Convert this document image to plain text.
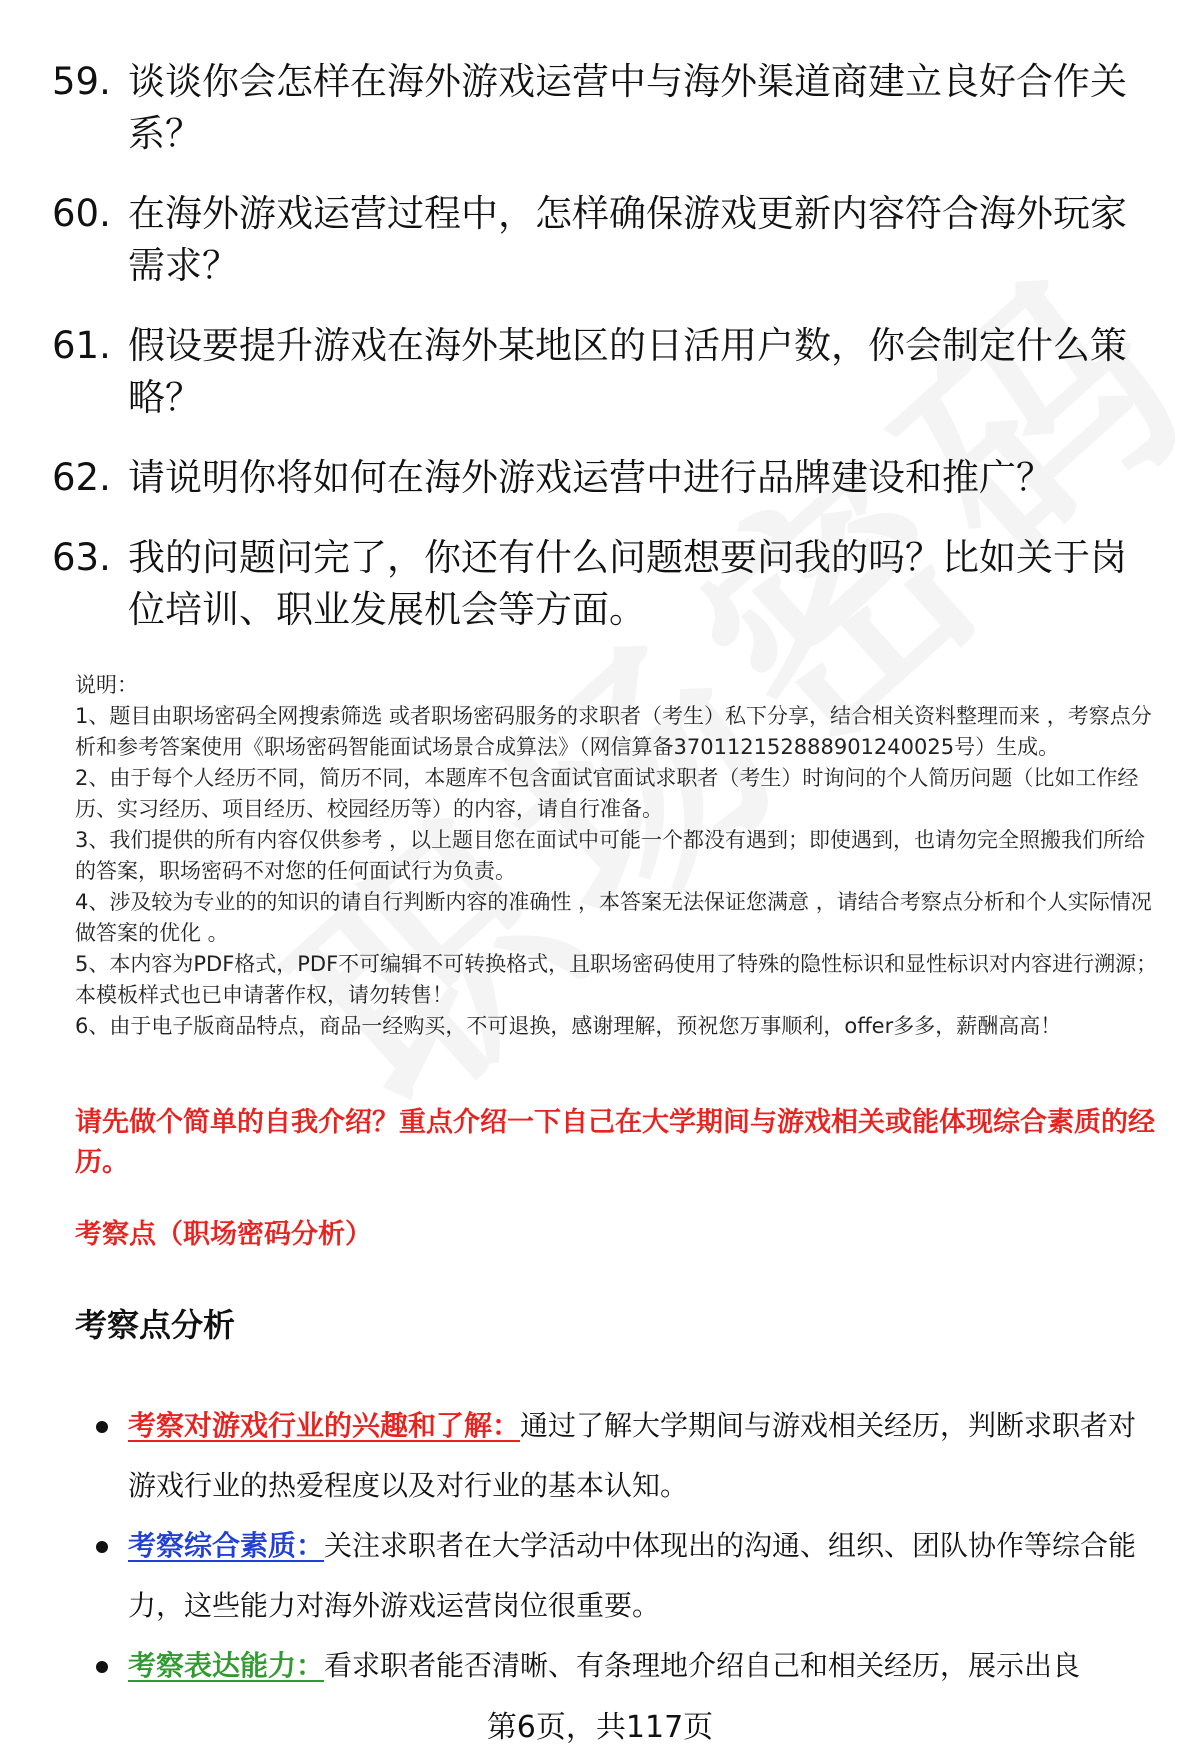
59. 谈谈你会怎样在海外游戏运营中与海外渠道商建立良好合作关系？
60. 在海外游戏运营过程中，怎样确保游戏更新内容符合海外玩家需求？
61. 假设要提升游戏在海外某地区的日活用户数，你会制定什么策略？
62. 请说明你将如何在海外游戏运营中进行品牌建设和推广？
63. 我的问题问完了，你还有什么问题想要问我的吗？比如关于岗位培训、职业发展机会等方面。
说明：
1、题目由职场密码全网搜索筛选 或者职场密码服务的求职者（考生）私下分享，结合相关资料整理而来 ，考察点分析和参考答案使用《职场密码智能面试场景合成算法》（网信算备370112152888901240025号）生成。
2、由于每个人经历不同，简历不同，本题库不包含面试官面试求职者（考生）时询问的个人简历问题（比如工作经历、实习经历、项目经历、校园经历等）的内容，请自行准备。
3、我们提供的所有内容仅供参考 ，以上题目您在面试中可能一个都没有遇到；即使遇到，也请勿完全照搬我们所给的答案，职场密码不对您的任何面试行为负责。
4、涉及较为专业的的知识的请自行判断内容的准确性 ，本答案无法保证您满意 ，请结合考察点分析和个人实际情况做答案的优化 。
5、本内容为PDF格式，PDF不可编辑不可转换格式，且职场密码使用了特殊的隐性标识和显性标识对内容进行溯源；本模板样式也已申请著作权，请勿转售！
6、由于电子版商品特点，商品一经购买，不可退换，感谢理解，预祝您万事顺利，offer多多，薪酬高高！
请先做个简单的自我介绍？重点介绍一下自己在大学期间与游戏相关或能体现综合素质的经历。
考察点（职场密码分析）
考察点分析
考察对游戏行业的兴趣和了解：通过了解大学期间与游戏相关经历，判断求职者对游戏行业的热爱程度以及对行业的基本认知。
考察综合素质：关注求职者在大学活动中体现出的沟通、组织、团队协作等综合能力，这些能力对海外游戏运营岗位很重要。
考察表达能力：看求职者能否清晰、有条理地介绍自己和相关经历，展示出良
第6页，共117页
